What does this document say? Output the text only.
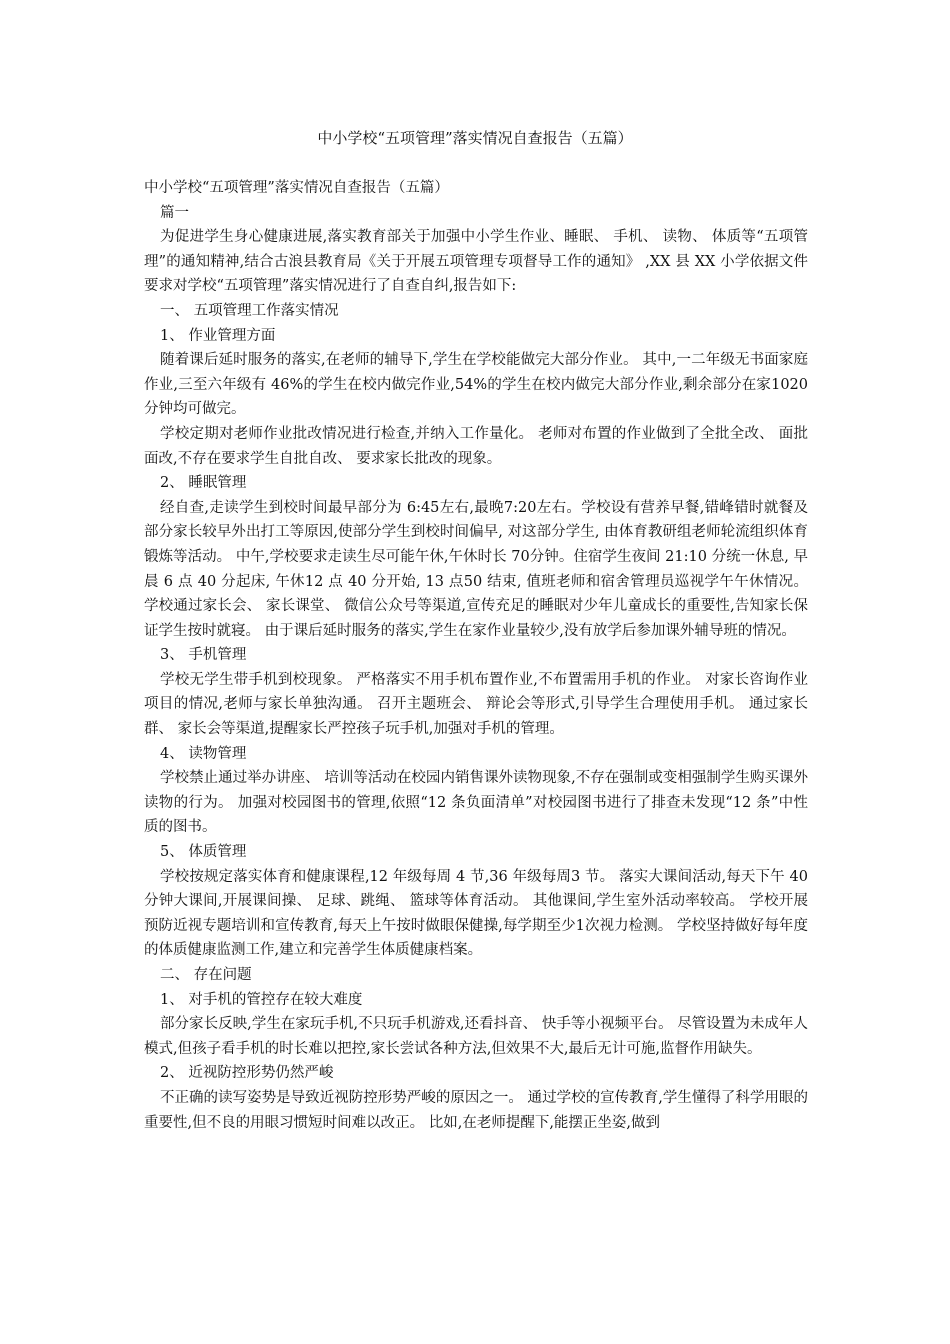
中小学校“五项管理”落实情况自查报告（五篇）

中小学校“五项管理”落实情况自查报告（五篇）

篇一

为促进学生身心健康进展,落实教育部关于加强中小学生作业、睡眠、 手机、 读物、 体质等“五项管理”的通知精神,结合古浪县教育局《关于开展五项管理专项督导工作的通知》 ,XX 县 XX 小学依据文件要求对学校“五项管理”落实情况进行了自查自纠,报告如下:

一、 五项管理工作落实情况

1、 作业管理方面

随着课后延时服务的落实,在老师的辅导下,学生在学校能做完大部分作业。 其中,一二年级无书面家庭作业,三至六年级有 46%的学生在校内做完作业,54%的学生在校内做完大部分作业,剩余部分在家1020 分钟均可做完。

学校定期对老师作业批改情况进行检查,并纳入工作量化。 老师对布置的作业做到了全批全改、 面批面改,不存在要求学生自批自改、 要求家长批改的现象。

2、 睡眠管理

经自查,走读学生到校时间最早部分为 6:45左右,最晚7:20左右。学校设有营养早餐,错峰错时就餐及部分家长较早外出打工等原因,使部分学生到校时间偏早, 对这部分学生, 由体育教研组老师轮流组织体育锻炼等活动。 中午,学校要求走读生尽可能午休,午休时长 70分钟。住宿学生夜间 21:10 分统一休息, 早晨 6 点 40 分起床, 午休12 点 40 分开始, 13 点50 结束, 值班老师和宿舍管理员巡视学午午休情况。 学校通过家长会、 家长课堂、 微信公众号等渠道,宣传充足的睡眠对少年儿童成长的重要性,告知家长保证学生按时就寝。 由于课后延时服务的落实,学生在家作业量较少,没有放学后参加课外辅导班的情况。

3、 手机管理

学校无学生带手机到校现象。 严格落实不用手机布置作业,不布置需用手机的作业。 对家长咨询作业项目的情况,老师与家长单独沟通。 召开主题班会、 辩论会等形式,引导学生合理使用手机。 通过家长群、 家长会等渠道,提醒家长严控孩子玩手机,加强对手机的管理。

4、 读物管理

学校禁止通过举办讲座、 培训等活动在校园内销售课外读物现象,不存在强制或变相强制学生购买课外读物的行为。 加强对校园图书的管理,依照“12 条负面清单”对校园图书进行了排查未发现“12 条”中性质的图书。

5、 体质管理

学校按规定落实体育和健康课程,12 年级每周 4 节,36 年级每周3 节。 落实大课间活动,每天下午 40 分钟大课间,开展课间操、 足球、跳绳、 篮球等体育活动。 其他课间,学生室外活动率较高。 学校开展预防近视专题培训和宣传教育,每天上午按时做眼保健操,每学期至少1次视力检测。 学校坚持做好每年度的体质健康监测工作,建立和完善学生体质健康档案。

二、 存在问题

1、 对手机的管控存在较大难度

部分家长反映,学生在家玩手机,不只玩手机游戏,还看抖音、 快手等小视频平台。 尽管设置为未成年人模式,但孩子看手机的时长难以把控,家长尝试各种方法,但效果不大,最后无计可施,监督作用缺失。

2、 近视防控形势仍然严峻

不正确的读写姿势是导致近视防控形势严峻的原因之一。 通过学校的宣传教育,学生懂得了科学用眼的重要性,但不良的用眼习惯短时间难以改正。 比如,在老师提醒下,能摆正坐姿,做到
